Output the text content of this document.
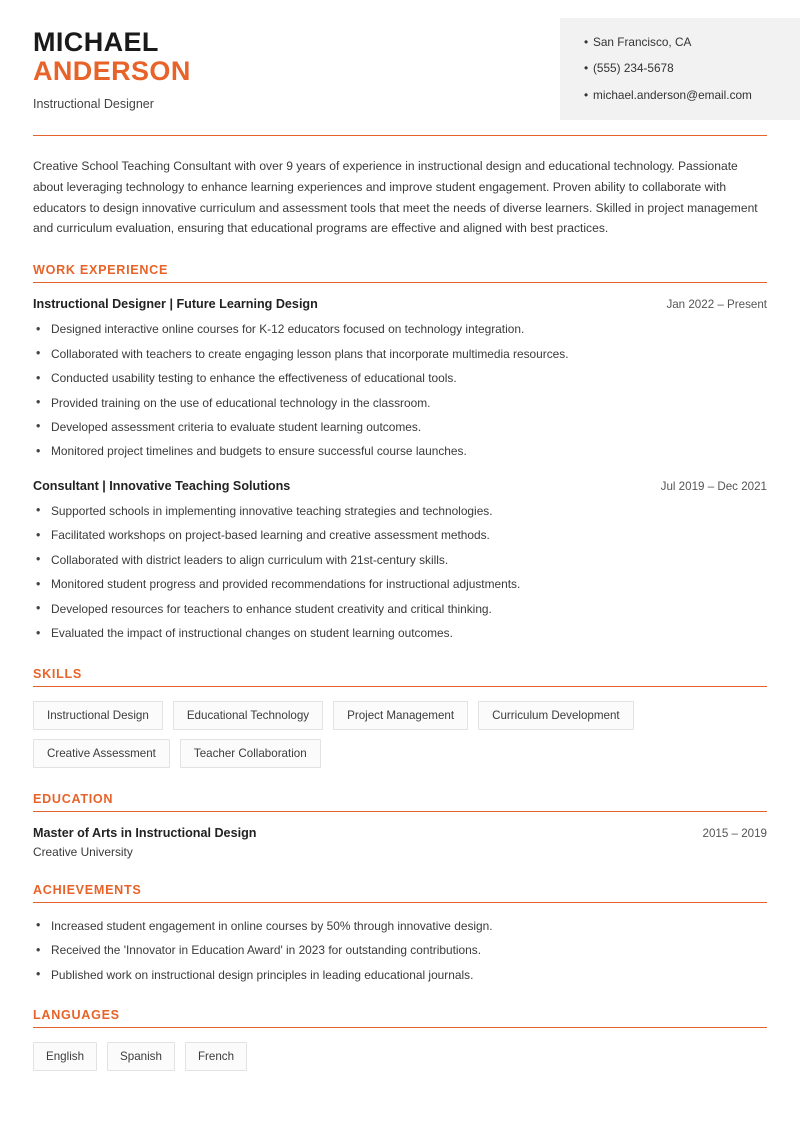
MICHAEL
ANDERSON
Instructional Designer
• San Francisco, CA
• (555) 234-5678
• michael.anderson@email.com
Creative School Teaching Consultant with over 9 years of experience in instructional design and educational technology. Passionate about leveraging technology to enhance learning experiences and improve student engagement. Proven ability to collaborate with educators to design innovative curriculum and assessment tools that meet the needs of diverse learners. Skilled in project management and curriculum evaluation, ensuring that educational programs are effective and aligned with best practices.
WORK EXPERIENCE
Instructional Designer | Future Learning Design	Jan 2022 – Present
• Designed interactive online courses for K-12 educators focused on technology integration.
• Collaborated with teachers to create engaging lesson plans that incorporate multimedia resources.
• Conducted usability testing to enhance the effectiveness of educational tools.
• Provided training on the use of educational technology in the classroom.
• Developed assessment criteria to evaluate student learning outcomes.
• Monitored project timelines and budgets to ensure successful course launches.
Consultant | Innovative Teaching Solutions	Jul 2019 – Dec 2021
• Supported schools in implementing innovative teaching strategies and technologies.
• Facilitated workshops on project-based learning and creative assessment methods.
• Collaborated with district leaders to align curriculum with 21st-century skills.
• Monitored student progress and provided recommendations for instructional adjustments.
• Developed resources for teachers to enhance student creativity and critical thinking.
• Evaluated the impact of instructional changes on student learning outcomes.
SKILLS
Instructional Design	Educational Technology	Project Management	Curriculum Development
Creative Assessment	Teacher Collaboration
EDUCATION
Master of Arts in Instructional Design	2015 – 2019
Creative University
ACHIEVEMENTS
• Increased student engagement in online courses by 50% through innovative design.
• Received the 'Innovator in Education Award' in 2023 for outstanding contributions.
• Published work on instructional design principles in leading educational journals.
LANGUAGES
English	Spanish	French
